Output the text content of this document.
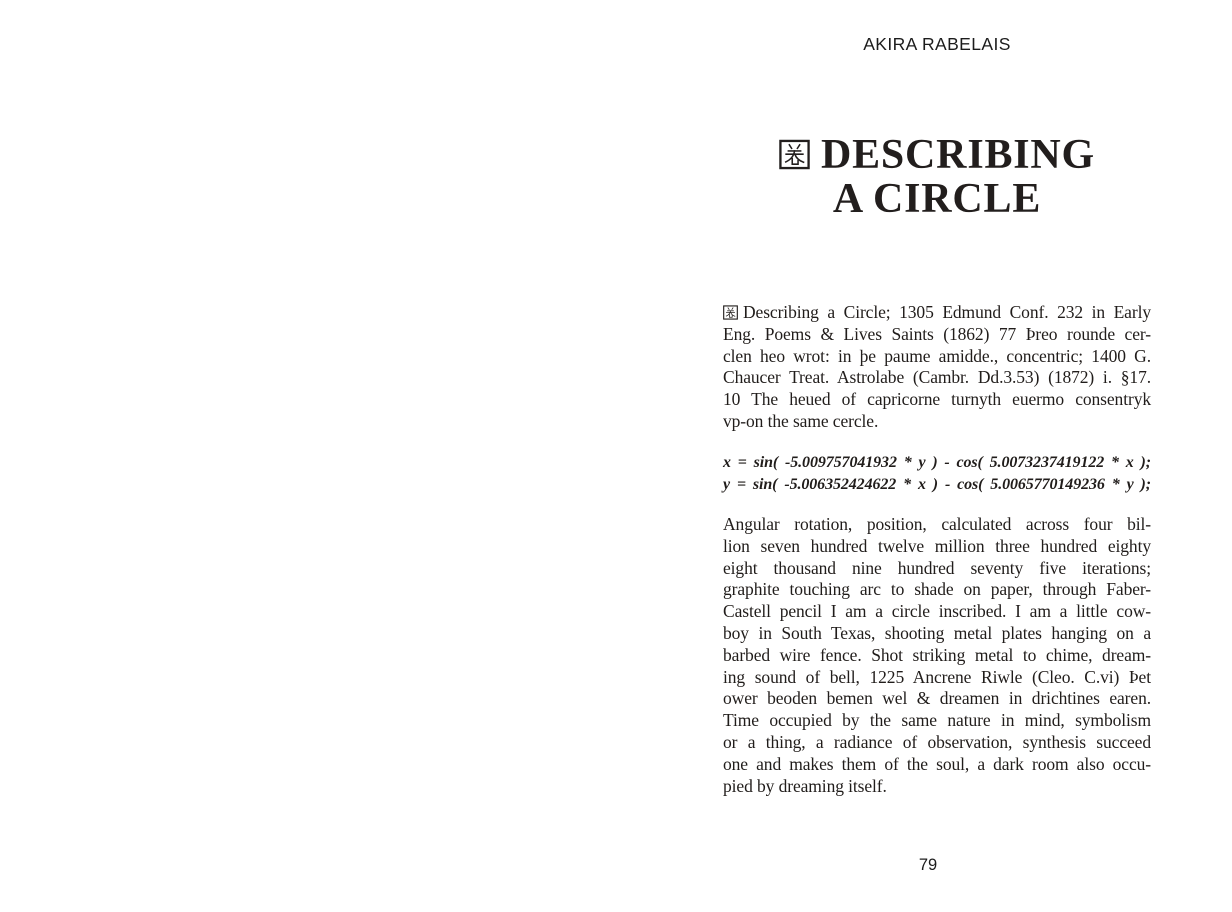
AKIRA RABELAIS
DESCRIBING
A CIRCLE
Describing a Circle; 1305 Edmund Conf. 232 in Early
Eng. Poems & Lives Saints (1862) 77 Þreo rounde cer-
clen heo wrot: in þe paume amidde., concentric; 1400 G.
Chaucer Treat. Astrolabe (Cambr. Dd.3.53) (1872) i. §17.
10 The heued of capricorne turnyth euermo consentryk
vp-on the same cercle.
x = sin( -5.009757041932 * y ) - cos( 5.0073237419122 * x );
y = sin( -5.006352424622 * x ) - cos( 5.0065770149236 * y );
Angular rotation, position, calculated across four bil-
lion seven hundred twelve million three hundred eighty
eight thousand nine hundred seventy five iterations;
graphite touching arc to shade on paper, through Faber-
Castell pencil I am a circle inscribed. I am a little cow-
boy in South Texas, shooting metal plates hanging on a
barbed wire fence. Shot striking metal to chime, dream-
ing sound of bell, 1225 Ancrene Riwle (Cleo. C.vi) Þet
ower beoden bemen wel & dreamen in drichtines earen.
Time occupied by the same nature in mind, symbolism
or a thing, a radiance of observation, synthesis succeed
one and makes them of the soul, a dark room also occu-
pied by dreaming itself.
79
